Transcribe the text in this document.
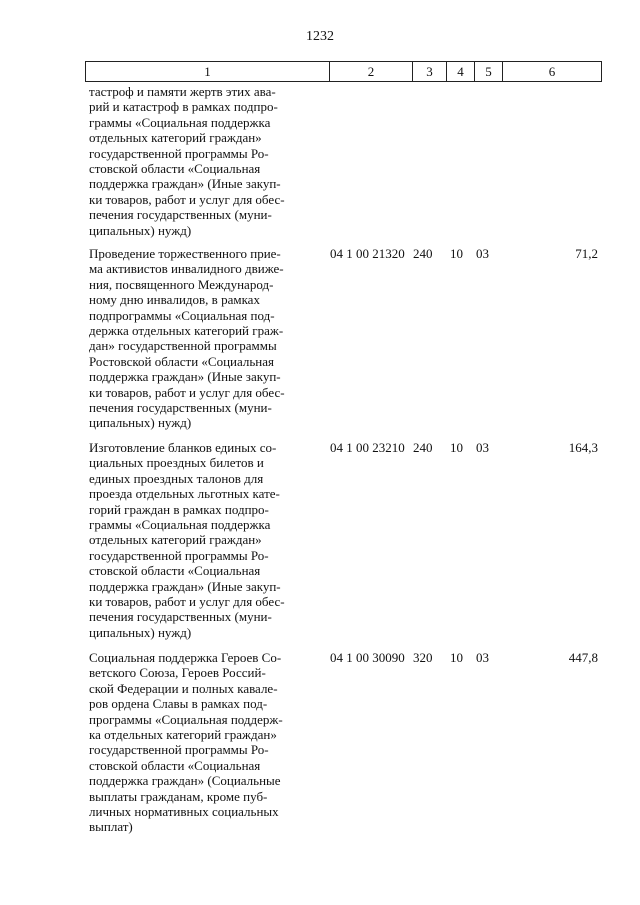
1232
1	2	3	4	5	6
тастроф и памяти жертв этих ава-
рий и катастроф в рамках подпро-
граммы «Социальная поддержка
отдельных категорий граждан»
государственной программы Ро-
стовской области «Социальная
поддержка граждан» (Иные закуп-
ки товаров, работ и услуг для обес-
печения государственных (муни-
ципальных) нужд)
Проведение торжественного прие-
ма активистов инвалидного движе-
ния, посвященного Международ-
ному дню инвалидов, в рамках
подпрограммы «Социальная под-
держка отдельных категорий граж-
дан» государственной программы
Ростовской области «Социальная
поддержка граждан» (Иные закуп-
ки товаров, работ и услуг для обес-
печения государственных (муни-
ципальных) нужд)
04 1 00 21320 240 10 03	71,2
Изготовление бланков единых со-
циальных проездных билетов и
единых проездных талонов для
проезда отдельных льготных кате-
горий граждан в рамках подпро-
граммы «Социальная поддержка
отдельных категорий граждан»
государственной программы Ро-
стовской области «Социальная
поддержка граждан» (Иные закуп-
ки товаров, работ и услуг для обес-
печения государственных (муни-
ципальных) нужд)
04 1 00 23210 240 10 03	164,3
Социальная поддержка Героев Со-
ветского Союза, Героев Россий-
ской Федерации и полных кавале-
ров ордена Славы в рамках под-
программы «Социальная поддерж-
ка отдельных категорий граждан»
государственной программы Ро-
стовской области «Социальная
поддержка граждан» (Социальные
выплаты гражданам, кроме пуб-
личных нормативных социальных
выплат)
04 1 00 30090 320 10 03	447,8
